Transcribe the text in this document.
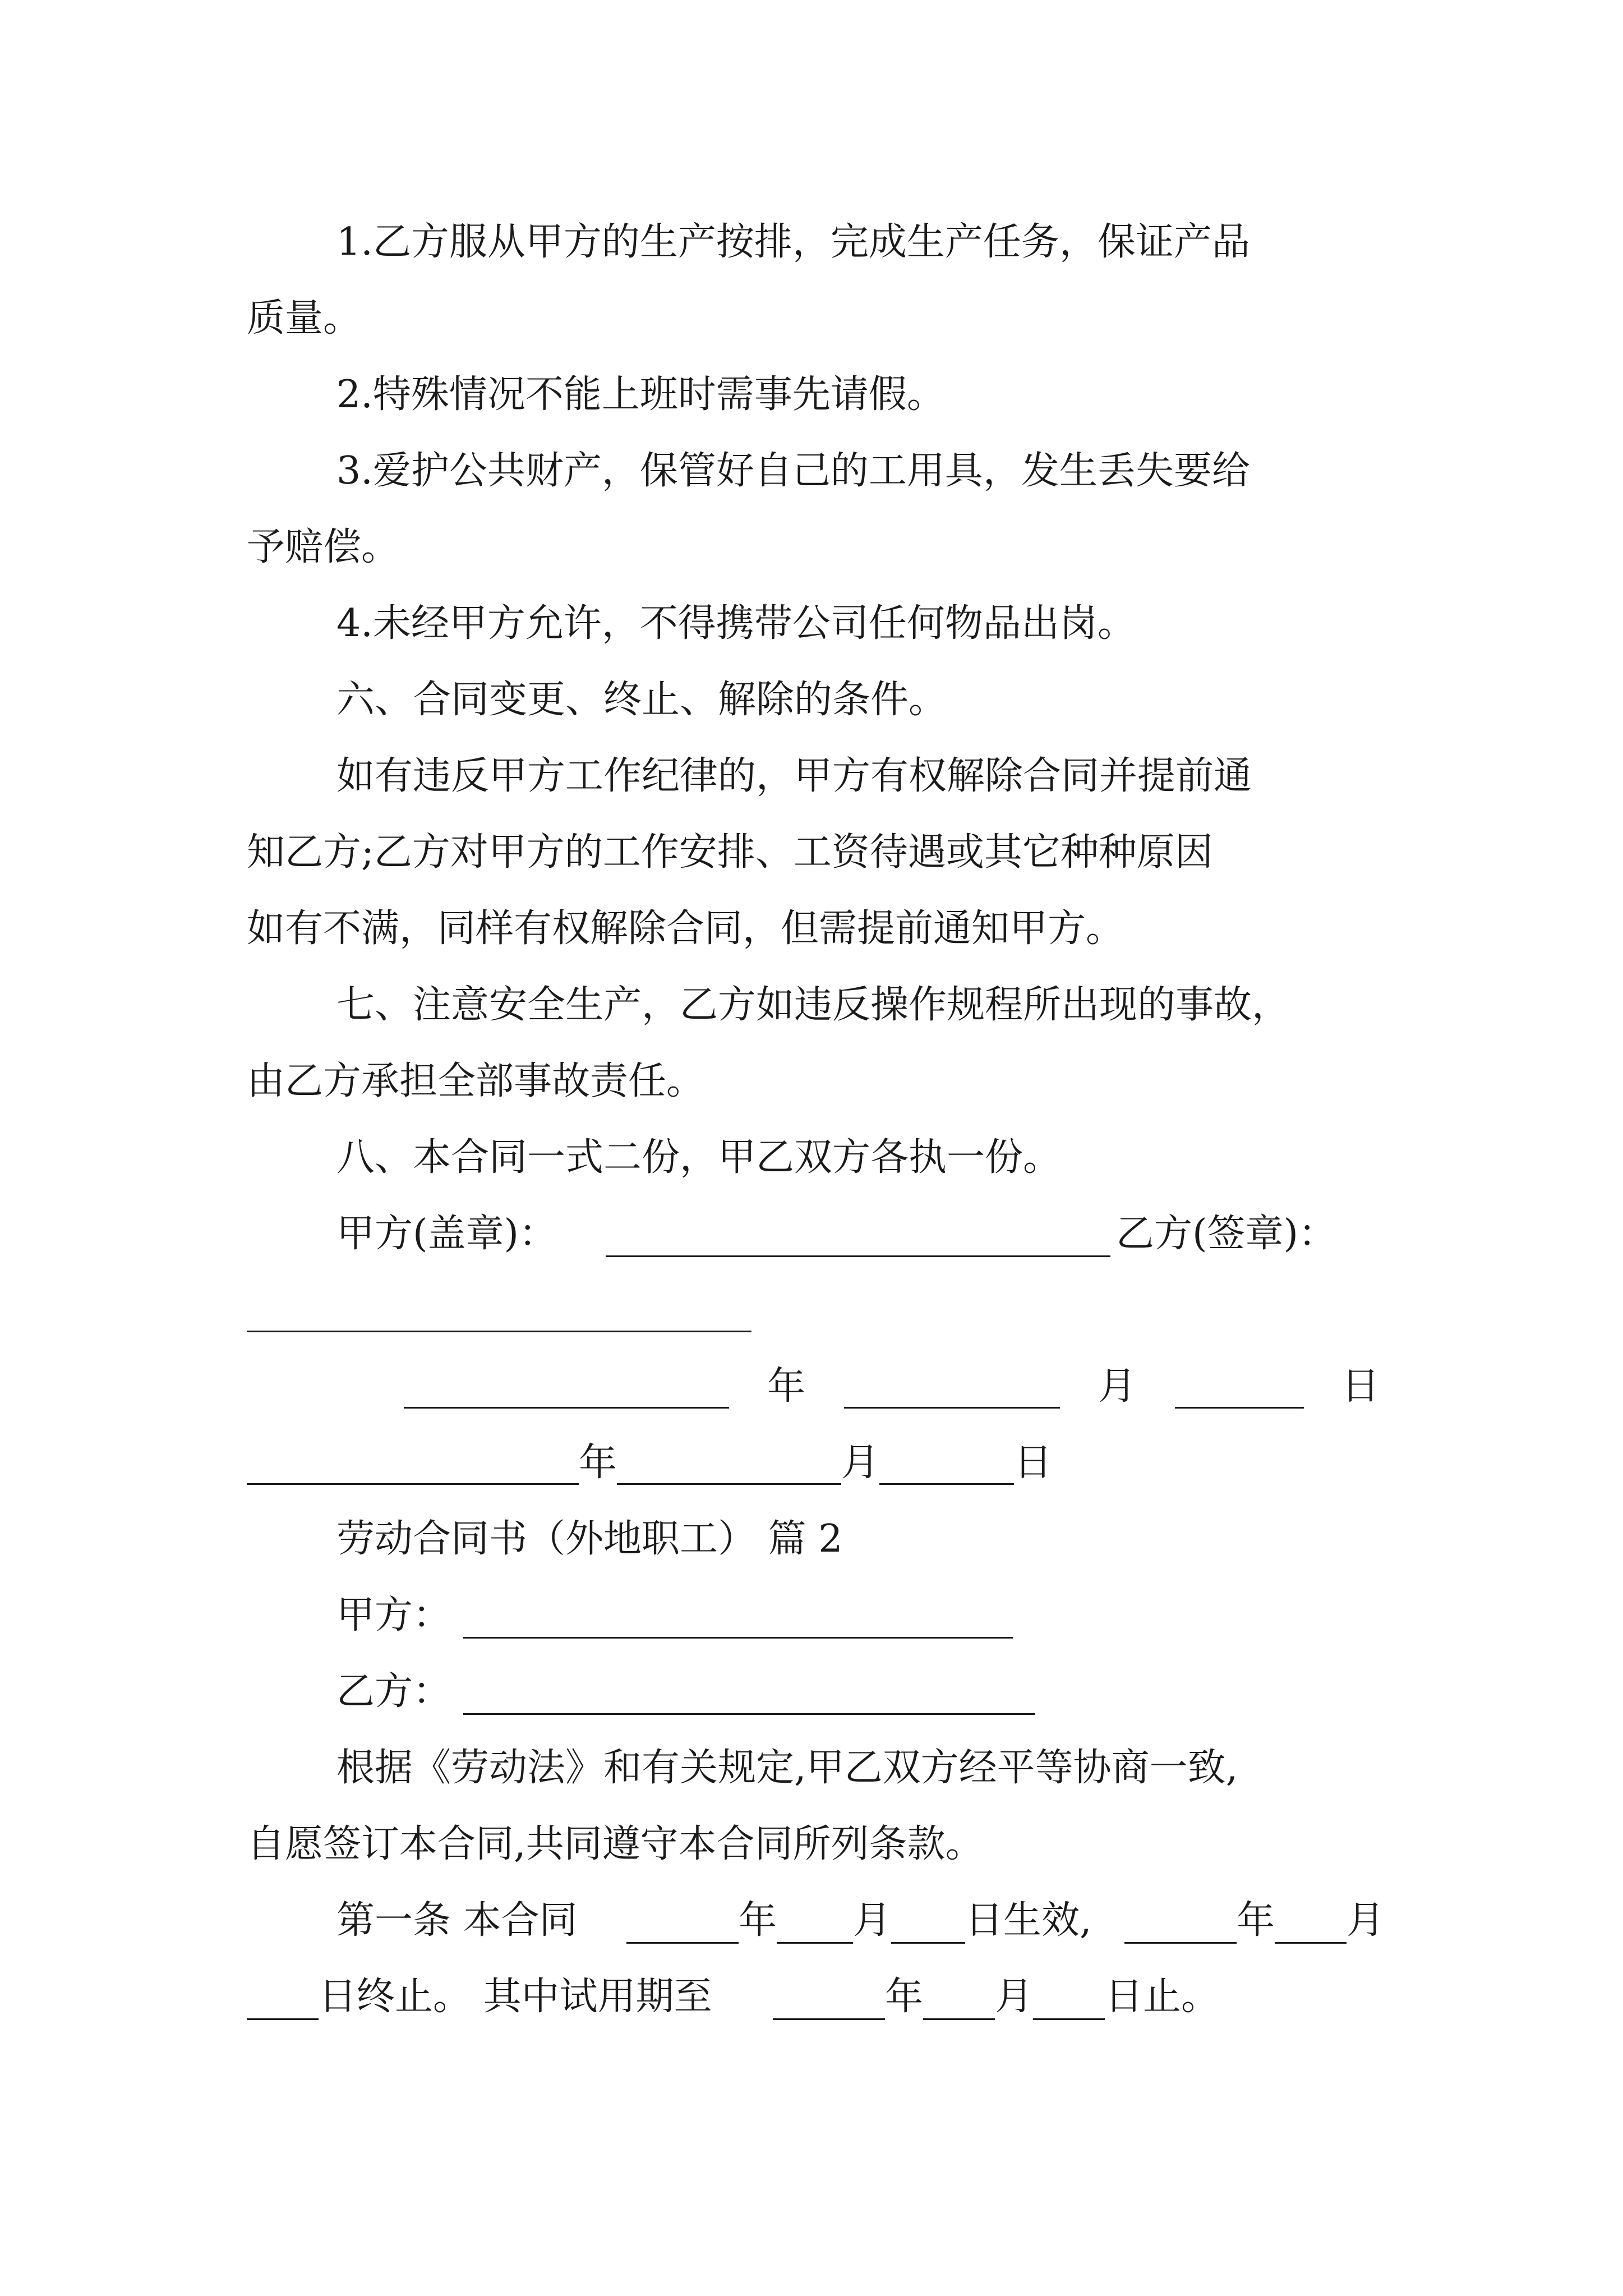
1.乙方服从甲方的生产按排，完成生产任务，保证产品
质量。
2.特殊情况不能上班时需事先请假。
3.爱护公共财产，保管好自己的工用具，发生丢失要给
予赔偿。
4.未经甲方允许，不得携带公司任何物品出岗。
六、合同变更、终止、解除的条件。
如有违反甲方工作纪律的，甲方有权解除合同并提前通
知乙方;乙方对甲方的工作安排、工资待遇或其它种种原因
如有不满，同样有权解除合同，但需提前通知甲方。
七、注意安全生产，乙方如违反操作规程所出现的事故，
由乙方承担全部事故责任。
八、本合同一式二份，甲乙双方各执一份。
甲方(盖章)：	乙方(签章)：
年	月	日
年	月	日
劳动合同书（外地职工） 篇 2
甲方：
乙方：
根据《劳动法》和有关规定,甲乙双方经平等协商一致,
自愿签订本合同,共同遵守本合同所列条款。
第一条 本合同	年 月 日生效,	年 月
日终止。 其中试用期至	年 月 日止。
